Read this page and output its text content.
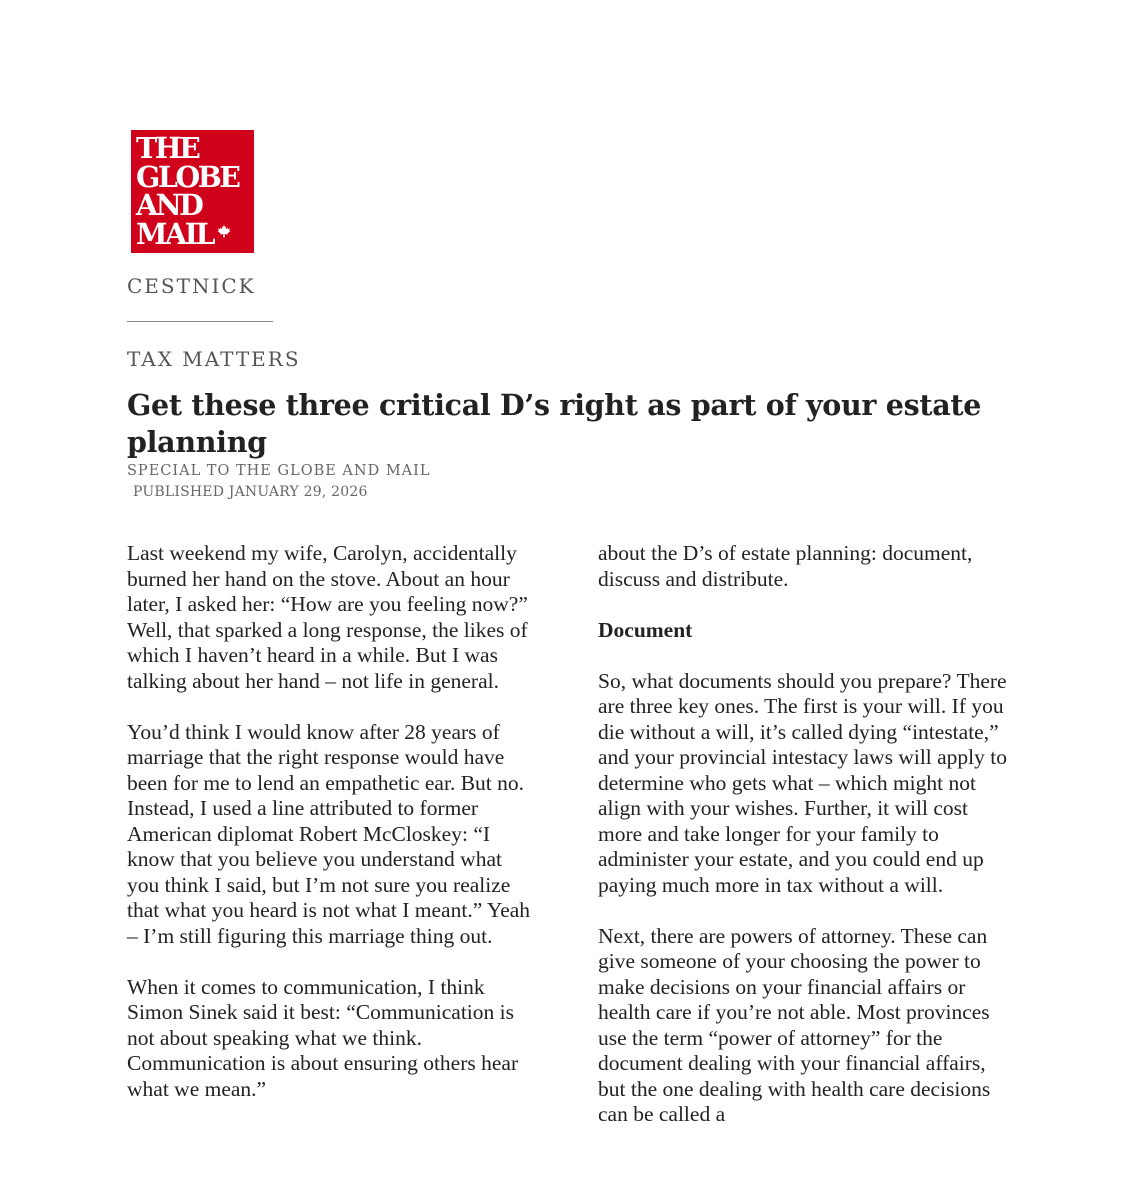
THE
GLOBE
AND
MAIL

CESTNICK

TAX MATTERS

Get these three critical D’s right as part of your estate planning

SPECIAL TO THE GLOBE AND MAIL

PUBLISHED JANUARY 29, 2026

Last weekend my wife, Carolyn, accidentally burned her hand on the stove. About an hour later, I asked her: “How are you feeling now?” Well, that sparked a long response, the likes of which I haven’t heard in a while. But I was talking about her hand – not life in general.

You’d think I would know after 28 years of marriage that the right response would have been for me to lend an empathetic ear. But no. Instead, I used a line attributed to former American diplomat Robert McCloskey: “I know that you believe you understand what you think I said, but I’m not sure you realize that what you heard is not what I meant.” Yeah – I’m still figuring this marriage thing out.

When it comes to communication, I think Simon Sinek said it best: “Communication is not about speaking what we think. Communication is about ensuring others hear what we mean.”

about the D’s of estate planning: document, discuss and distribute.

Document

So, what documents should you prepare? There are three key ones. The first is your will. If you die without a will, it’s called dying “intestate,” and your provincial intestacy laws will apply to determine who gets what – which might not align with your wishes. Further, it will cost more and take longer for your family to administer your estate, and you could end up paying much more in tax without a will.

Next, there are powers of attorney. These can give someone of your choosing the power to make decisions on your financial affairs or health care if you’re not able. Most provinces use the term “power of attorney” for the document dealing with your financial affairs, but the one dealing with health care decisions can be called a
